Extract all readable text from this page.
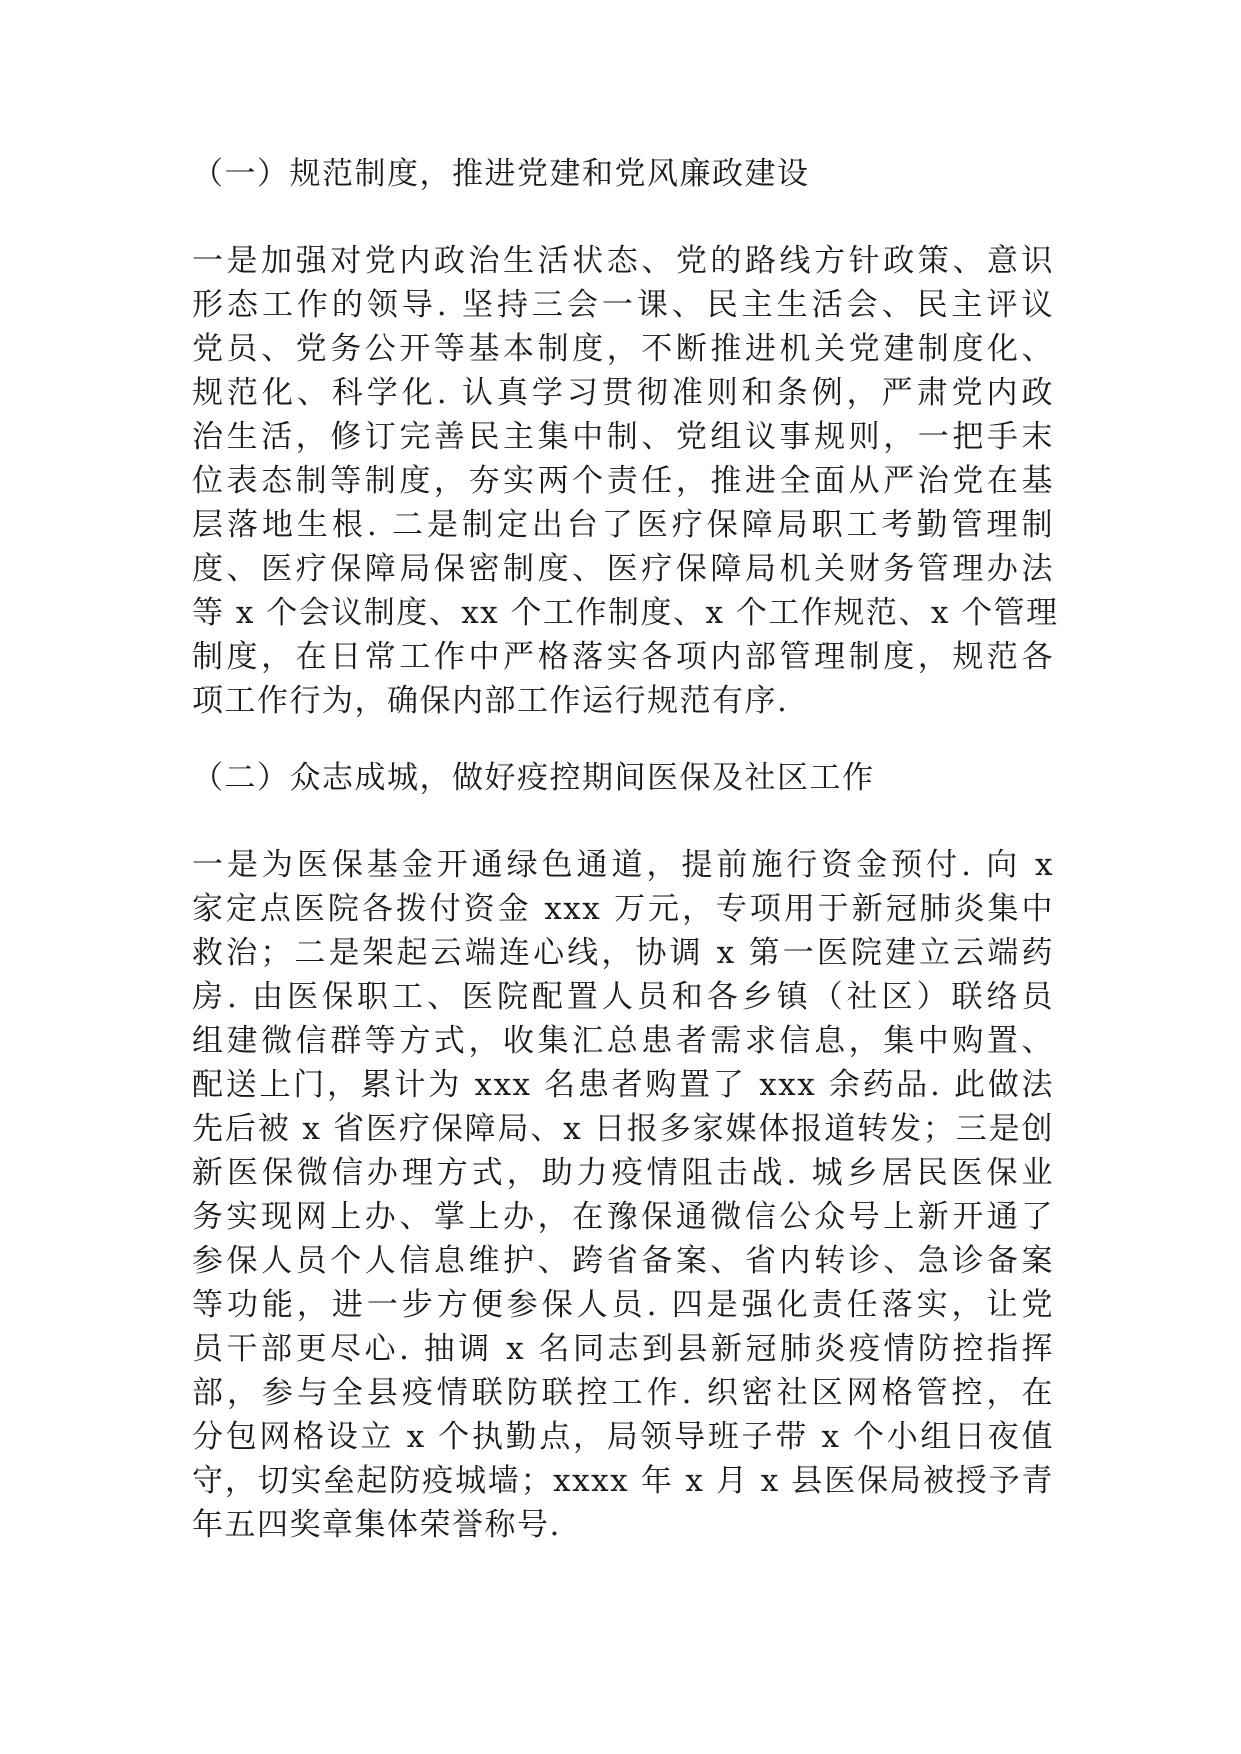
（一）规范制度，推进党建和党风廉政建设
一是加强对党内政治生活状态、党的路线方针政策、意识
形态工作的领导. 坚持三会一课、民主生活会、民主评议
党员、党务公开等基本制度，不断推进机关党建制度化、
规范化、科学化. 认真学习贯彻准则和条例，严肃党内政
治生活，修订完善民主集中制、党组议事规则，一把手末
位表态制等制度，夯实两个责任，推进全面从严治党在基
层落地生根. 二是制定出台了医疗保障局职工考勤管理制
度、医疗保障局保密制度、医疗保障局机关财务管理办法
等 x 个会议制度、xx 个工作制度、x 个工作规范、x 个管理
制度，在日常工作中严格落实各项内部管理制度，规范各
项工作行为，确保内部工作运行规范有序.
（二）众志成城，做好疫控期间医保及社区工作
一是为医保基金开通绿色通道，提前施行资金预付. 向 x
家定点医院各拨付资金 xxx 万元，专项用于新冠肺炎集中
救治；二是架起云端连心线，协调 x 第一医院建立云端药
房. 由医保职工、医院配置人员和各乡镇（社区）联络员
组建微信群等方式，收集汇总患者需求信息，集中购置、
配送上门，累计为 xxx 名患者购置了 xxx 余药品. 此做法
先后被 x 省医疗保障局、x 日报多家媒体报道转发；三是创
新医保微信办理方式，助力疫情阻击战. 城乡居民医保业
务实现网上办、掌上办，在豫保通微信公众号上新开通了
参保人员个人信息维护、跨省备案、省内转诊、急诊备案
等功能，进一步方便参保人员. 四是强化责任落实，让党
员干部更尽心. 抽调 x 名同志到县新冠肺炎疫情防控指挥
部，参与全县疫情联防联控工作. 织密社区网格管控，在
分包网格设立 x 个执勤点，局领导班子带 x 个小组日夜值
守，切实垒起防疫城墙；xxxx 年 x 月 x 县医保局被授予青
年五四奖章集体荣誉称号.
